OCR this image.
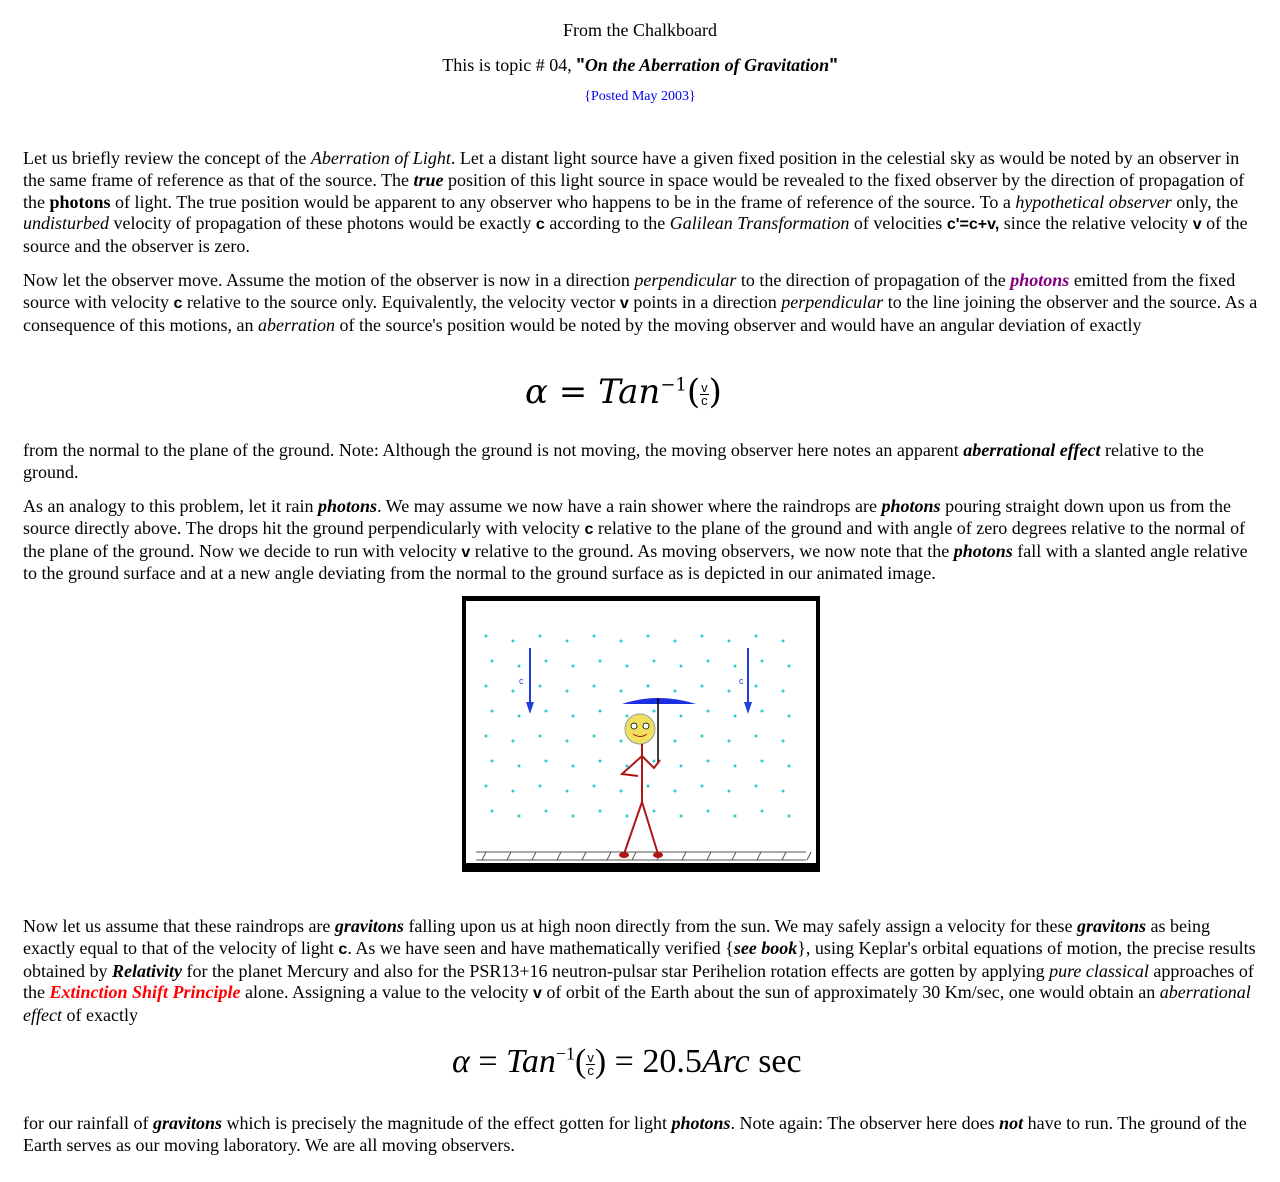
From the Chalkboard
This is topic # 04, "On the Aberration of Gravitation"
{Posted May 2003}
Let us briefly review the concept of the Aberration of Light. Let a distant light source have a given fixed position in the celestial sky as would be noted by an observer in the same frame of reference as that of the source. The true position of this light source in space would be revealed to the fixed observer by the direction of propagation of the photons of light. The true position would be apparent to any observer who happens to be in the frame of reference of the source. To a hypothetical observer only, the undisturbed velocity of propagation of these photons would be exactly c according to the Galilean Transformation of velocities c'=c+v, since the relative velocity v of the source and the observer is zero.
Now let the observer move. Assume the motion of the observer is now in a direction perpendicular to the direction of propagation of the photons emitted from the fixed source with velocity c relative to the source only. Equivalently, the velocity vector v points in a direction perpendicular to the line joining the observer and the source. As a consequence of this motions, an aberration of the source's position would be noted by the moving observer and would have an angular deviation of exactly
$\alpha = Tan^{-1}( \frac{v}{c})$
from the normal to the plane of the ground. Note: Although the ground is not moving, the moving observer here notes an apparent aberrational effect relative to the ground.
As an analogy to this problem, let it rain photons. We may assume we now have a rain shower where the raindrops are photons pouring straight down upon us from the source directly above. The drops hit the ground perpendicularly with velocity c relative to the plane of the ground and with angle of zero degrees relative to the normal of the plane of the ground. Now we decide to run with velocity v relative to the ground. As moving observers, we now note that the photons fall with a slanted angle relative to the ground surface and at a new angle deviating from the normal to the ground surface as is depicted in our animated image.
c	c
Now let us assume that these raindrops are gravitons falling upon us at high noon directly from the sun. We may safely assign a velocity for these gravitons as being exactly equal to that of the velocity of light c. As we have seen and have mathematically verified {see book}, using Keplar's orbital equations of motion, the precise results obtained by Relativity for the planet Mercury and also for the PSR13+16 neutron-pulsar star Perihelion rotation effects are gotten by applying pure classical approaches of the Extinction Shift Principle alone. Assigning a value to the velocity v of orbit of the Earth about the sun of approximately 30 Km/sec, one would obtain an aberrational effect of exactly
$\alpha = Tan^{-1}( \frac{v}{c}) = 20.5Arc$ sec
for our rainfall of gravitons which is precisely the magnitude of the effect gotten for light photons. Note again: The observer here does not have to run. The ground of the Earth serves as our moving laboratory. We are all moving observers.
